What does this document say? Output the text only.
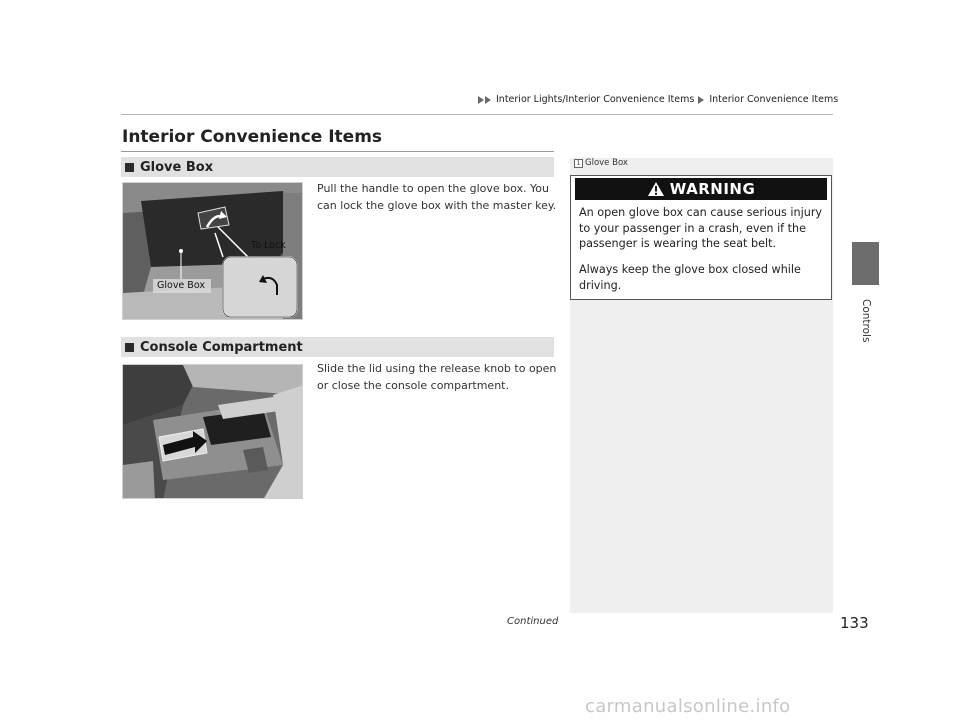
Interior Lights/Interior Convenience Items Interior Convenience Items
Interior Convenience Items
Glove Box
To Lock
Glove Box
Pull the handle to open the glove box. You can lock the glove box with the master key.
Console Compartment
Slide the lid using the release knob to open or close the console compartment.
1 Glove Box
WARNING
An open glove box can cause serious injury to your passenger in a crash, even if the passenger is wearing the seat belt.
Always keep the glove box closed while driving.
Controls
Continued	133
carmanualsonline.info
